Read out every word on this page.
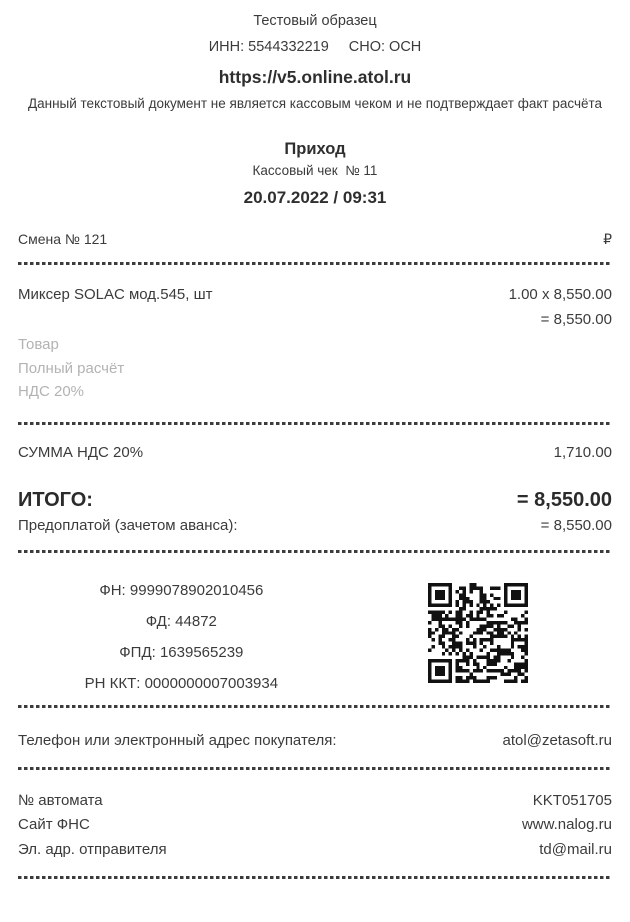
Тестовый образец
ИНН: 5544332219 СНО: ОСН
https://v5.online.atol.ru
Данный текстовый документ не является кассовым чеком и не подтверждает факт расчёта
Приход
Кассовый чек  № 11
20.07.2022 / 09:31
Смена № 121	₽
Миксер SOLAC мод.545, шт	1.00 x 8,550.00
= 8,550.00
Товар
Полный расчёт
НДС 20%
СУММА НДС 20%	1,710.00
ИТОГО:	= 8,550.00
Предоплатой (зачетом аванса):	= 8,550.00
ФН: 9999078902010456
ФД: 44872
ФПД: 1639565239
РН ККТ: 0000000007003934
Телефон или электронный адрес покупателя:	atol@zetasoft.ru
№ автомата	KKT051705
Сайт ФНС	www.nalog.ru
Эл. адр. отправителя	td@mail.ru
